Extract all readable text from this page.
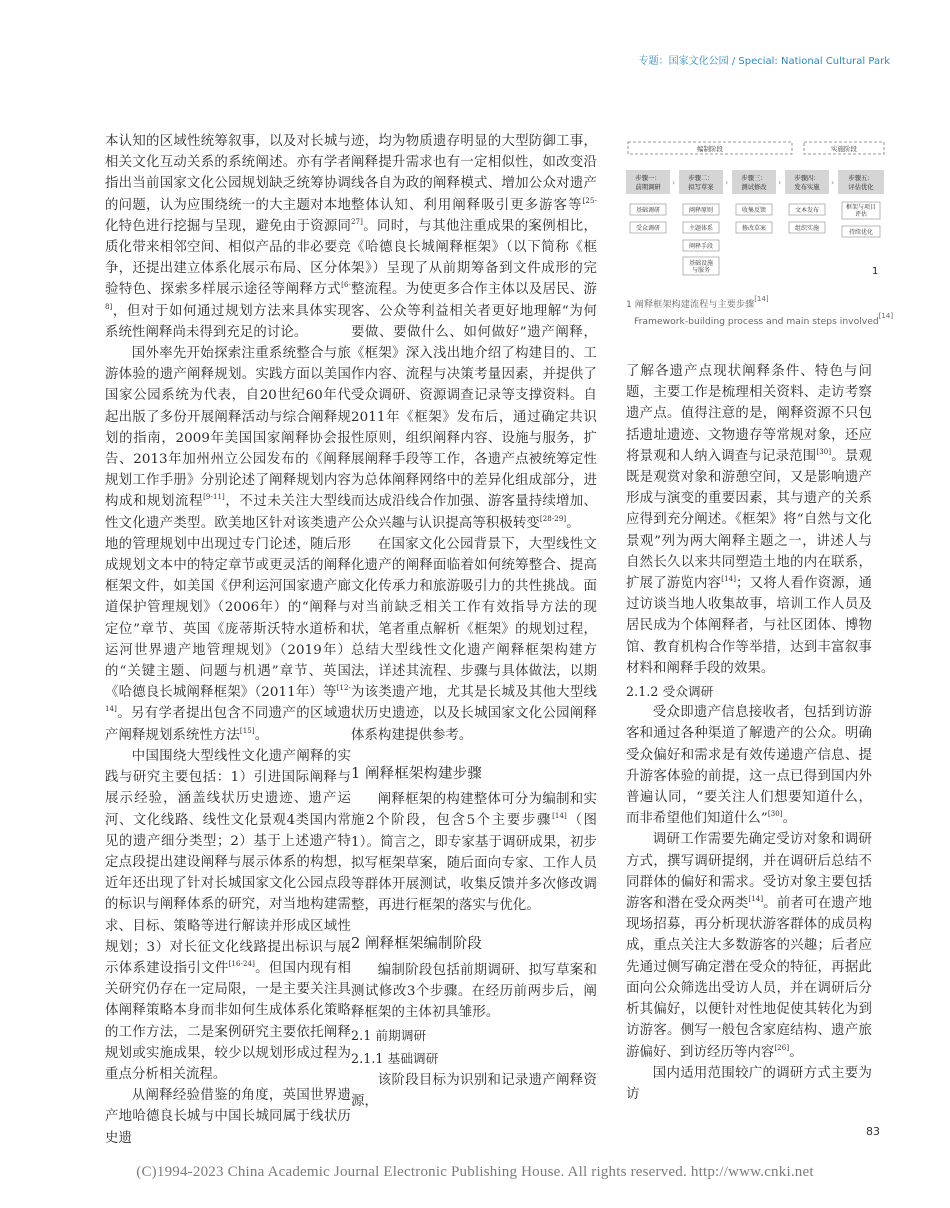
专题：国家文化公园 / Special: National Cultural Park

本认知的区域性统筹叙事，以及对长城与相关文化互动关系的系统阐述。亦有学者指出当前国家文化公园规划缺乏统筹协调的问题，认为应围绕统一的大主题对本地化特色进行挖掘与呈现，避免由于资源同质化带来相邻空间、相似产品的非必要竞争，还提出建立体系化展示布局、区分体验特色、探索多样展示途径等阐释方式[6-8]，但对于如何通过规划方法来具体实现系统性阐释尚未得到充足的讨论。

国外率先开始探索注重系统整合与旅游体验的遗产阐释规划。实践方面以美国国家公园系统为代表，自20世纪60年代起出版了多份开展阐释活动与综合阐释规划的指南，2009年美国国家阐释协会报告、2013年加州州立公园发布的《阐释规划工作手册》分别论述了阐释规划内容构成和规划流程[9-11]，不过未关注大型线性文化遗产类型。欧美地区针对该类遗产地的管理规划中出现过专门论述，随后形成规划文本中的特定章节或更灵活的阐释框架文件，如美国《伊利运河国家遗产廊道保护管理规划》（2006年）的“阐释与定位”章节、英国《庞蒂斯沃特水道桥和运河世界遗产地管理规划》（2019年）的“关键主题、问题与机遇”章节、英国《哈德良长城阐释框架》（2011年）等[12-14]。另有学者提出包含不同遗产的区域遗产阐释规划系统性方法[15]。

中国围绕大型线性文化遗产阐释的实践与研究主要包括：1）引进国际阐释与展示经验，涵盖线状历史遗迹、遗产运河、文化线路、线性文化景观4类国内常见的遗产细分类型；2）基于上述遗产特定点段提出建设阐释与展示体系的构想，近年还出现了针对长城国家文化公园点段的标识与阐释体系的研究，对当地构建需求、目标、策略等进行解读并形成区域性规划；3）对长征文化线路提出标识与展示体系建设指引文件[16-24]。但国内现有相关研究仍存在一定局限，一是主要关注具体阐释策略本身而非如何生成体系化策略的工作方法，二是案例研究主要依托阐释规划或实施成果，较少以规划形成过程为重点分析相关流程。

从阐释经验借鉴的角度，英国世界遗产地哈德良长城与中国长城同属于线状历史遗

迹，均为物质遗存明显的大型防御工事，阐释提升需求也有一定相似性，如改变沿线各自为政的阐释模式、增加公众对遗产整体认知、利用阐释吸引更多游客等[25-27]。同时，与其他注重成果的案例相比，《哈德良长城阐释框架》（以下简称《框架》）呈现了从前期筹备到文件成形的完整流程。为使更多合作主体以及居民、游客、公众等利益相关者更好地理解“为何要做、要做什么、如何做好”遗产阐释，《框架》深入浅出地介绍了构建目的、工作内容、流程与决策考量因素，并提供了受众调研、资源调查记录等支撑资料。自2011年《框架》发布后，通过确定共识性原则，组织阐释内容、设施与服务，扩展阐释手段等工作，各遗产点被统筹定性为总体阐释网络中的差异化组成部分，进而达成沿线合作加强、游客量持续增加、公众兴趣与认识提高等积极转变[28-29]。

在国家文化公园背景下，大型线性文化遗产的阐释面临着如何统筹整合、提高文化传承力和旅游吸引力的共性挑战。面对当前缺乏相关工作有效指导方法的现状，笔者重点解析《框架》的规划过程，总结大型线性文化遗产阐释框架构建方法，详述其流程、步骤与具体做法，以期为该类遗产地，尤其是长城及其他大型线状历史遗迹，以及长城国家文化公园阐释体系构建提供参考。

1 阐释框架构建步骤

阐释框架的构建整体可分为编制和实施2个阶段，包含5个主要步骤[14]（图1）。简言之，即专家基于调研成果，初步拟写框架草案，随后面向专家、工作人员等群体开展测试，收集反馈并多次修改调整，再进行框架的落实与优化。

2 阐释框架编制阶段

编制阶段包括前期调研、拟写草案和测试修改3个步骤。在经历前两步后，阐释框架的主体初具雏形。

2.1 前期调研

2.1.1 基础调研

该阶段目标为识别和记录遗产阐释资源，

编制阶段	实施阶段
›	›	›	›
步骤一：
前期调研
步骤二：
拟写草案
步骤三：
测试修改
步骤四：
发布实施
步骤五：
评估优化
基础调研
受众调研
阐释原则
主题体系
阐释手段
基础设施
与服务
收集反馈
修改草案
文本发布
组织实施
框架与项目
评估
持续优化
1
1 阐释框架构建流程与主要步骤[14]
Framework-building process and main steps involved[14]

了解各遗产点现状阐释条件、特色与问题，主要工作是梳理相关资料、走访考察遗产点。值得注意的是，阐释资源不只包括遗址遗迹、文物遗存等常规对象，还应将景观和人纳入调查与记录范围[30]。景观既是观赏对象和游憩空间，又是影响遗产形成与演变的重要因素，其与遗产的关系应得到充分阐述。《框架》将“自然与文化景观”列为两大阐释主题之一，讲述人与自然长久以来共同塑造土地的内在联系，扩展了游览内容[14]；又将人看作资源，通过访谈当地人收集故事，培训工作人员及居民成为个体阐释者，与社区团体、博物馆、教育机构合作等举措，达到丰富叙事材料和阐释手段的效果。

2.1.2 受众调研

受众即遗产信息接收者，包括到访游客和通过各种渠道了解遗产的公众。明确受众偏好和需求是有效传递遗产信息、提升游客体验的前提，这一点已得到国内外普遍认同，“要关注人们想要知道什么，而非希望他们知道什么”[30]。

调研工作需要先确定受访对象和调研方式，撰写调研提纲，并在调研后总结不同群体的偏好和需求。受访对象主要包括游客和潜在受众两类[14]。前者可在遗产地现场招募，再分析现状游客群体的成员构成，重点关注大多数游客的兴趣；后者应先通过侧写确定潜在受众的特征，再据此面向公众筛选出受访人员，并在调研后分析其偏好，以便针对性地促使其转化为到访游客。侧写一般包含家庭结构、遗产旅游偏好、到访经历等内容[26]。

国内适用范围较广的调研方式主要为访

83
(C)1994-2023 China Academic Journal Electronic Publishing House. All rights reserved. http://www.cnki.net
